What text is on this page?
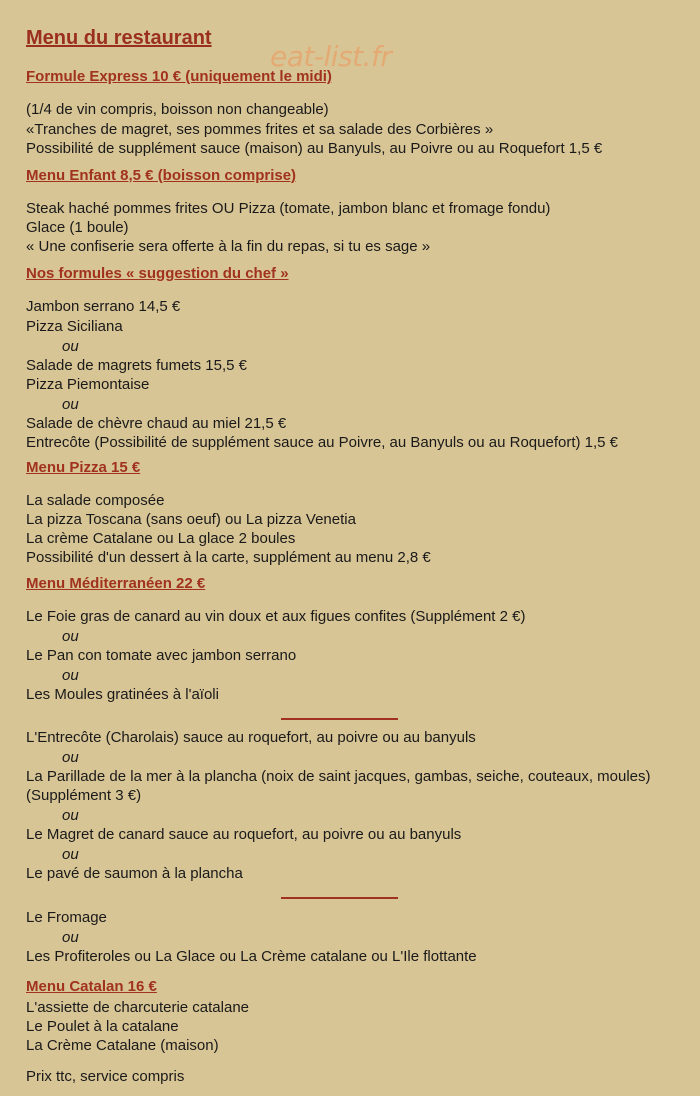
Menu du restaurant
eat-list.fr
Formule Express 10 € (uniquement le midi)
(1/4 de vin compris, boisson non changeable)
«Tranches de magret, ses pommes frites et sa salade des Corbières »
Possibilité de supplément sauce (maison) au Banyuls, au Poivre ou au Roquefort 1,5 €
Menu Enfant 8,5 € (boisson comprise)
Steak haché pommes frites OU Pizza (tomate, jambon blanc et fromage fondu)
Glace (1 boule)
« Une confiserie sera offerte à la fin du repas, si tu es sage »
Nos formules « suggestion du chef »
Jambon serrano 14,5 €
Pizza Siciliana
ou
Salade de magrets fumets 15,5 €
Pizza Piemontaise
ou
Salade de chèvre chaud au miel 21,5 €
Entrecôte (Possibilité de supplément sauce au Poivre, au Banyuls ou au Roquefort) 1,5 €
Menu Pizza 15 €
La salade composée
La pizza Toscana (sans oeuf) ou La pizza Venetia
La crème Catalane ou La glace 2 boules
Possibilité d'un dessert à la carte, supplément au menu 2,8 €
Menu Méditerranéen 22 €
Le Foie gras de canard au vin doux et aux figues confites (Supplément 2 €)
ou
Le Pan con tomate avec jambon serrano
ou
Les Moules gratinées à l'aïoli
L'Entrecôte (Charolais) sauce au roquefort, au poivre ou au banyuls
ou
La Parillade de la mer à la plancha (noix de saint jacques, gambas, seiche, couteaux, moules)
(Supplément 3 €)
ou
Le Magret de canard sauce au roquefort, au poivre ou au banyuls
ou
Le pavé de saumon à la plancha
Le Fromage
ou
Les Profiteroles ou La Glace ou La Crème catalane ou L'Ile flottante
Menu Catalan 16 €
L'assiette de charcuterie catalane
Le Poulet à la catalane
La Crème Catalane (maison)
Prix ttc, service compris
